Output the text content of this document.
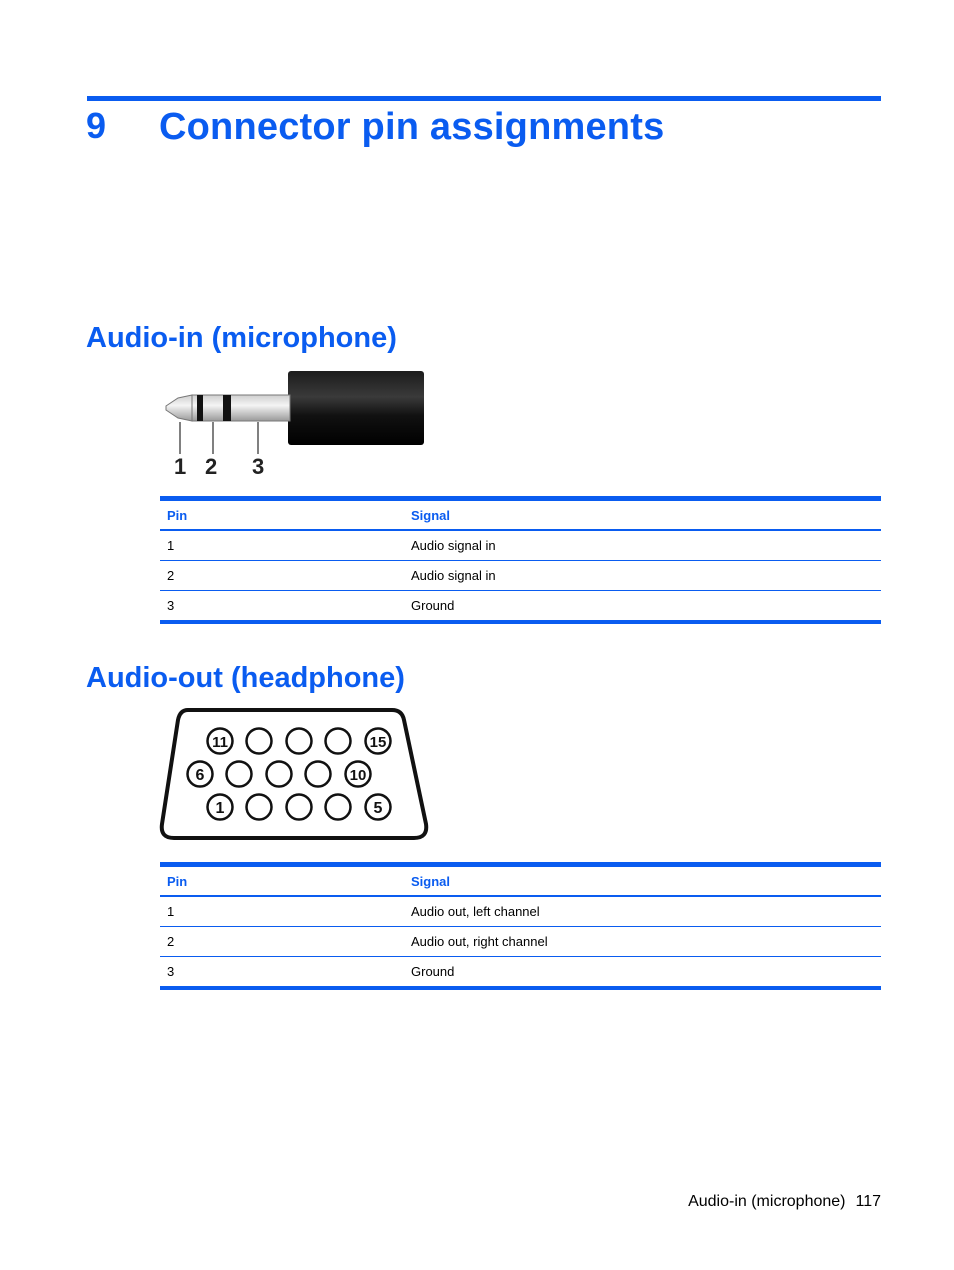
9 Connector pin assignments
Audio-in (microphone)
1 2 3
Pin	Signal
1	Audio signal in
2	Audio signal in
3	Ground
Audio-out (headphone)
11	15
6	10
1	5
Pin	Signal
1	Audio out, left channel
2	Audio out, right channel
3	Ground
Audio-in (microphone) 117
